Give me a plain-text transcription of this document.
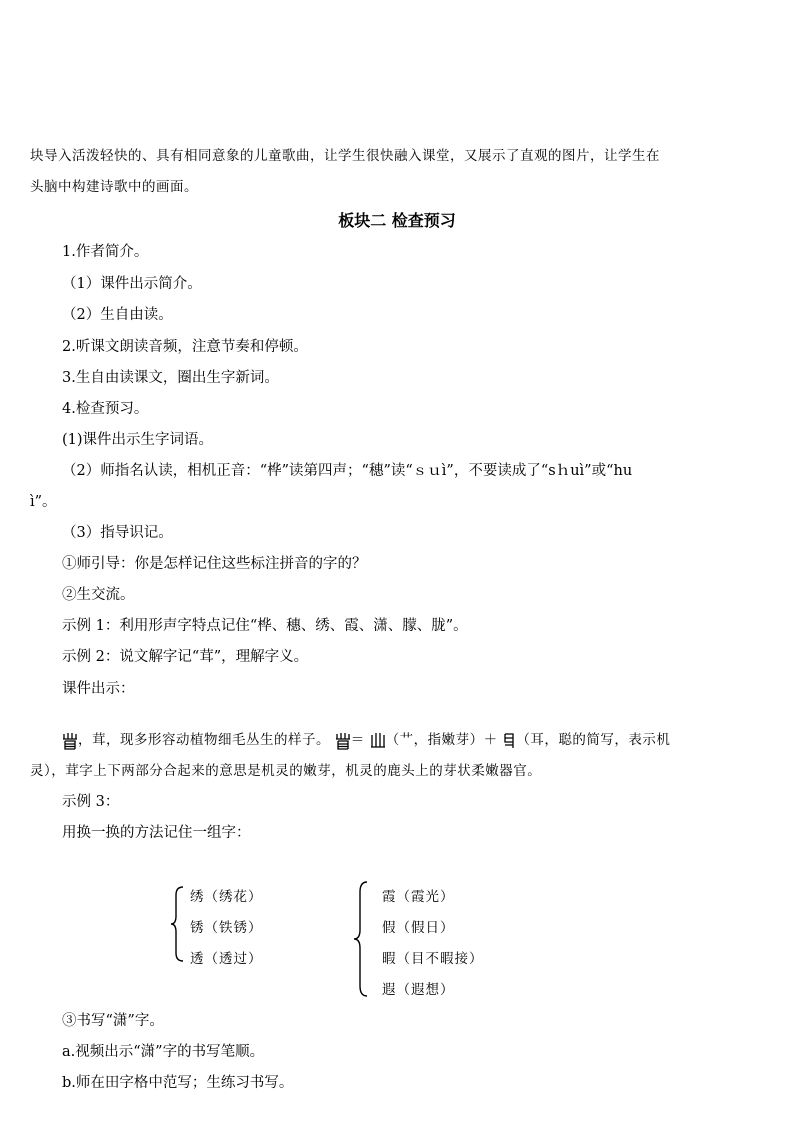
块导入活泼轻快的、具有相同意象的儿童歌曲，让学生很快融入课堂，又展示了直观的图片，让学生在
头脑中构建诗歌中的画面。
板块二 检查预习
1.作者简介。
（1）课件出示简介。
（2）生自由读。
2.听课文朗读音频，注意节奏和停顿。
3.生自由读课文，圈出生字新词。
4.检查预习。
(1)课件出示生字词语。
（2）师指名认读，相机正音：“桦”读第四声；“穗”读“ｓｕì”，不要读成了“sｈuì”或“hu
ì”。
（3）指导识记。
①师引导：你是怎样记住这些标注拼音的字的？
②生交流。
示例 1：利用形声字特点记住“桦、穗、绣、霞、潇、朦、胧”。
示例 2：说文解字记“茸”，理解字义。
课件出示：
，茸，现多形容动植物细毛丛生的样子。 ＝ （艹，指嫩芽）＋ （耳，聪的简写，表示机
灵），茸字上下两部分合起来的意思是机灵的嫩芽，机灵的鹿头上的芽状柔嫩器官。
示例 3：
用换一换的方法记住一组字：
绣（绣花）
锈（铁锈）
透（透过）
霞（霞光）
假（假日）
暇（目不暇接）
遐（遐想）
③书写“潇”字。
a.视频出示“潇”字的书写笔顺。
b.师在田字格中范写；生练习书写。
